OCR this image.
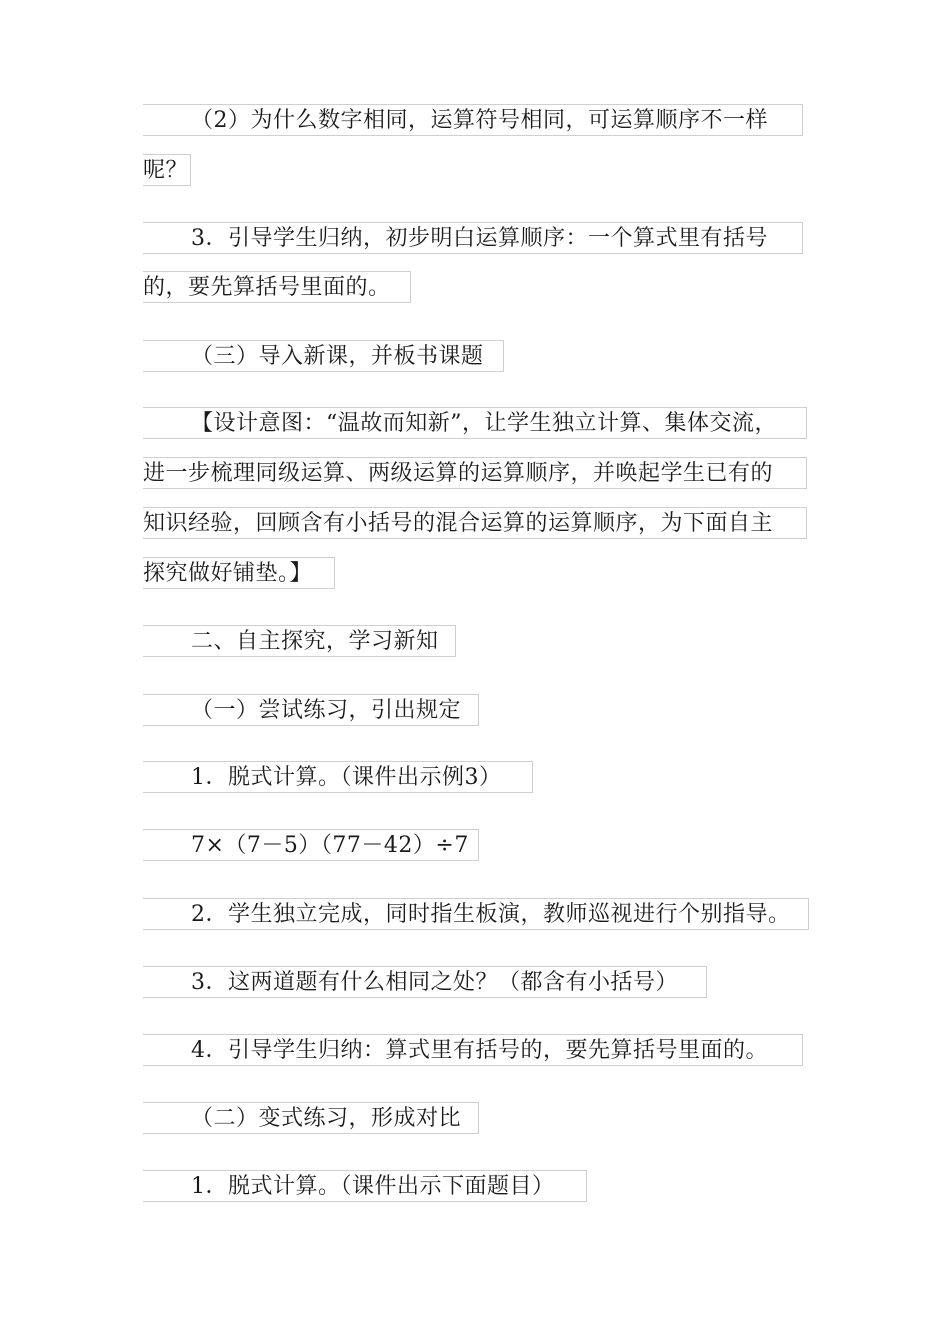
（2）为什么数字相同，运算符号相同，可运算顺序不一样
呢？
3．引导学生归纳，初步明白运算顺序：一个算式里有括号
的，要先算括号里面的。
（三）导入新课，并板书课题
【设计意图：“温故而知新”，让学生独立计算、集体交流，
进一步梳理同级运算、两级运算的运算顺序，并唤起学生已有的
知识经验，回顾含有小括号的混合运算的运算顺序，为下面自主
探究做好铺垫。】
二、自主探究，学习新知
（一）尝试练习，引出规定
1．脱式计算。（课件出示例3）
7×（7－5）（77－42）÷7
2．学生独立完成，同时指生板演，教师巡视进行个别指导。
3．这两道题有什么相同之处？（都含有小括号）
4．引导学生归纳：算式里有括号的，要先算括号里面的。
（二）变式练习，形成对比
1．脱式计算。（课件出示下面题目）
